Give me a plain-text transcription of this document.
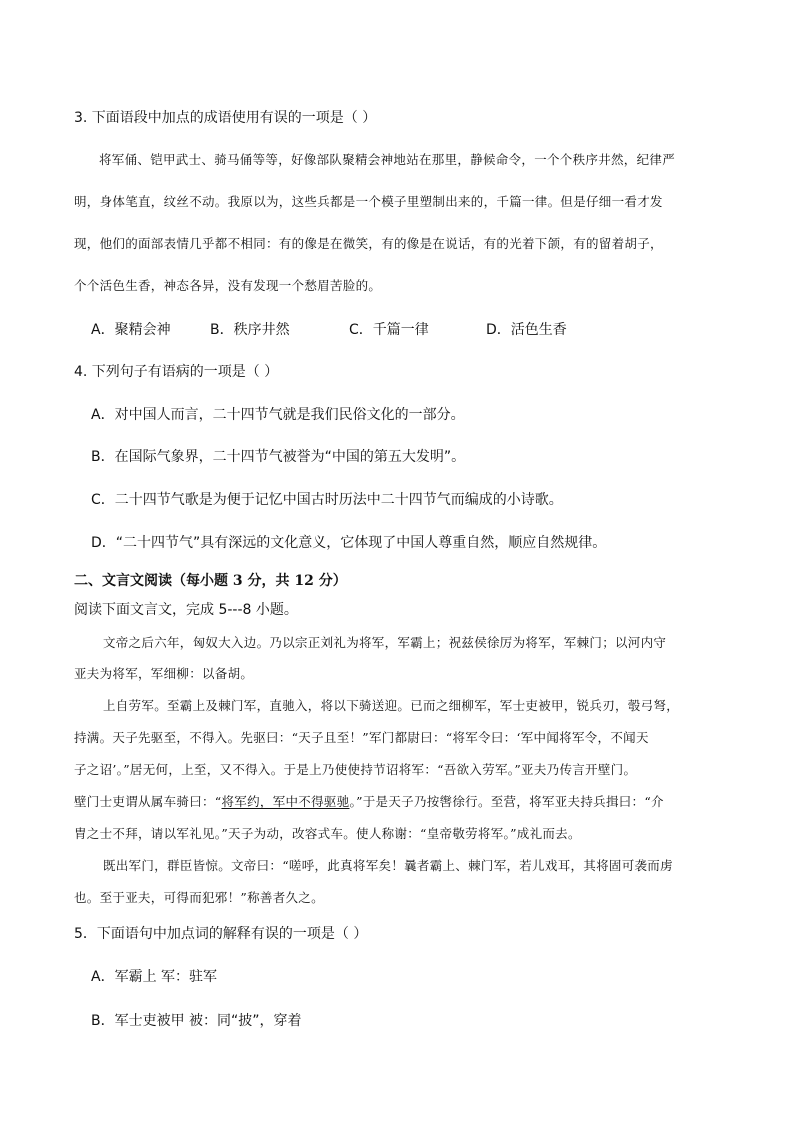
3. 下面语段中加点的成语使用有误的一项是（ ）
将军俑、铠甲武士、骑马俑等等，好像部队聚精会神地站在那里，静候命令，一个个秩序井然，纪律严
明，身体笔直，纹丝不动。我原以为，这些兵都是一个模子里塑制出来的，千篇一律。但是仔细一看才发
现，他们的面部表情几乎都不相同：有的像是在微笑，有的像是在说话，有的光着下颌，有的留着胡子，
个个活色生香，神态各异，没有发现一个愁眉苦脸的。
A．聚精会神	B．秩序井然	C．千篇一律	D．活色生香
4. 下列句子有语病的一项是（ ）
A．对中国人而言，二十四节气就是我们民俗文化的一部分。
B．在国际气象界，二十四节气被誉为“中国的第五大发明”。
C．二十四节气歌是为便于记忆中国古时历法中二十四节气而编成的小诗歌。
D．“二十四节气”具有深远的文化意义，它体现了中国人尊重自然，顺应自然规律。
二、文言文阅读（每小题 3 分，共 12 分）
阅读下面文言文，完成 5---8 小题。
文帝之后六年，匈奴大入边。乃以宗正刘礼为将军，军霸上；祝兹侯徐厉为将军，军棘门；以河内守
亚夫为将军，军细柳：以备胡。
上自劳军。至霸上及棘门军，直驰入，将以下骑送迎。已而之细柳军，军士吏被甲，锐兵刃，彀弓弩，
持满。天子先驱至，不得入。先驱曰：“天子且至！”军门都尉曰：“将军令曰：‘军中闻将军令，不闻天
子之诏’。”居无何，上至，又不得入。于是上乃使使持节诏将军：“吾欲入劳军。”亚夫乃传言开壁门。
壁门士吏谓从属车骑曰：“将军约，军中不得驱驰。”于是天子乃按辔徐行。至营，将军亚夫持兵揖曰：“介
胄之士不拜，请以军礼见。”天子为动，改容式车。使人称谢：“皇帝敬劳将军。”成礼而去。
既出军门，群臣皆惊。文帝曰：“嗟呼，此真将军矣！曩者霸上、棘门军，若儿戏耳，其将固可袭而虏
也。至于亚夫，可得而犯邪！”称善者久之。
5．下面语句中加点词的解释有误的一项是（ ）
A．军霸上 军：驻军
B．军士吏被甲 被：同“披”，穿着
